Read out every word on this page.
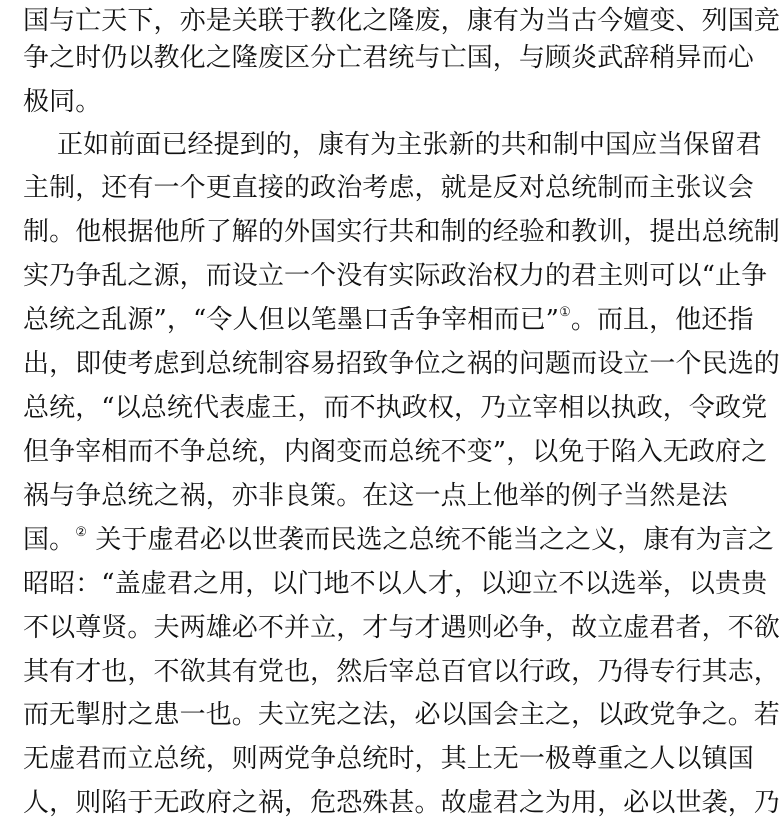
国与亡天下，亦是关联于教化之隆废，康有为当古今嬗变、列国竞
争之时仍以教化之隆废区分亡君统与亡国，与顾炎武辞稍异而心
极同。
正如前面已经提到的，康有为主张新的共和制中国应当保留君
主制，还有一个更直接的政治考虑，就是反对总统制而主张议会
制。他根据他所了解的外国实行共和制的经验和教训，提出总统制
实乃争乱之源，而设立一个没有实际政治权力的君主则可以“止争
总统之乱源”，“令人但以笔墨口舌争宰相而已”①。而且，他还指
出，即使考虑到总统制容易招致争位之祸的问题而设立一个民选的
总统，“以总统代表虚王，而不执政权，乃立宰相以执政，令政党
但争宰相而不争总统，内阁变而总统不变”，以免于陷入无政府之
祸与争总统之祸，亦非良策。在这一点上他举的例子当然是法
国。② 关于虚君必以世袭而民选之总统不能当之之义，康有为言之
昭昭：“盖虚君之用，以门地不以人才，以迎立不以选举，以贵贵
不以尊贤。夫两雄必不并立，才与才遇则必争，故立虚君者，不欲
其有才也，不欲其有党也，然后宰总百官以行政，乃得专行其志，
而无掣肘之患一也。夫立宪之法，必以国会主之，以政党争之。若
无虚君而立总统，则两党争总统时，其上无一极尊重之人以镇国
人，则陷于无政府之祸，危恐殊甚。故虚君之为用，必以世袭，乃
